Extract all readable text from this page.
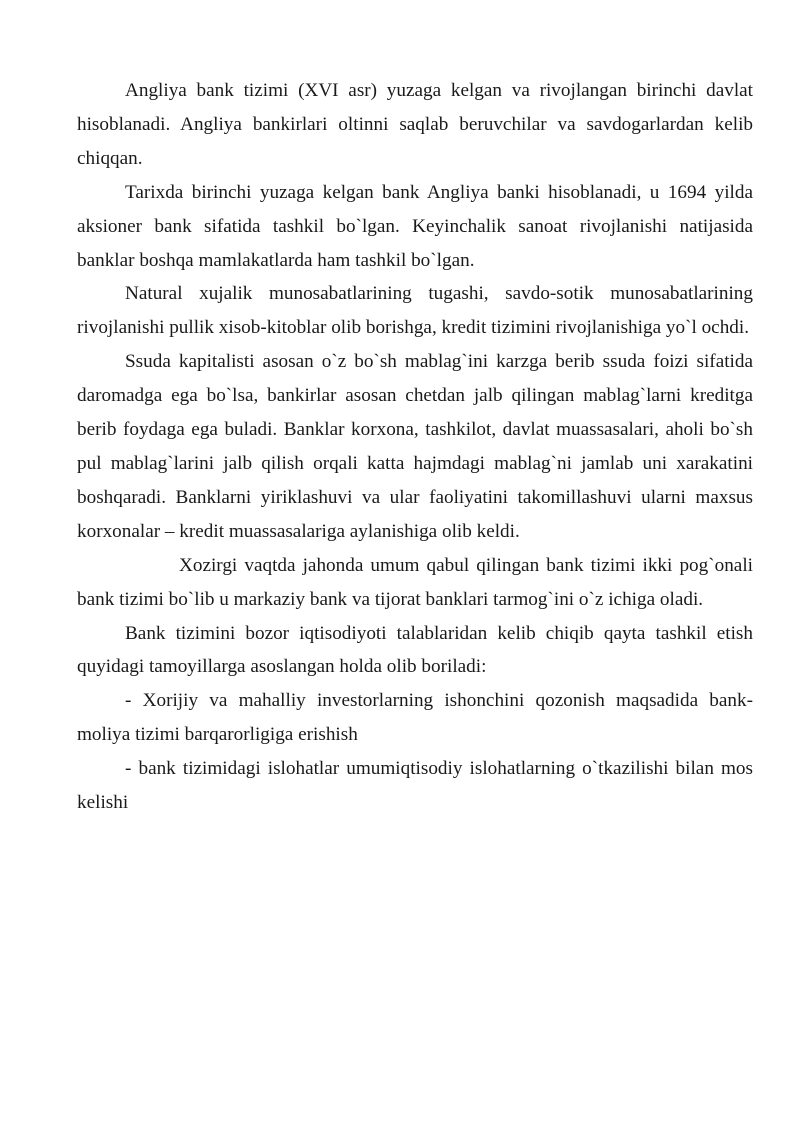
Angliya bank tizimi (XVI asr) yuzaga kelgan va rivojlangan birinchi davlat hisoblanadi. Angliya bankirlari oltinni saqlab beruvchilar va savdogarlardan kelib chiqqan.

Tarixda birinchi yuzaga kelgan bank Angliya banki hisoblanadi, u 1694 yilda aksioner bank sifatida tashkil bo`lgan. Keyinchalik sanoat rivojlanishi natijasida banklar boshqa mamlakatlarda ham tashkil bo`lgan.

Natural xujalik munosabatlarining tugashi, savdo-sotik munosabatlarining rivojlanishi pullik xisob-kitoblar olib borishga, kredit tizimini rivojlanishiga yo`l ochdi.

Ssuda kapitalisti asosan o`z bo`sh mablag`ini karzga berib ssuda foizi sifatida daromadga ega bo`lsa, bankirlar asosan chetdan jalb qilingan mablag`larni kreditga berib foydaga ega buladi. Banklar korxona, tashkilot, davlat muassasalari, aholi bo`sh pul mablag`larini jalb qilish orqali katta hajmdagi mablag`ni jamlab uni xarakatini boshqaradi. Banklarni yiriklashuvi va ular faoliyatini takomillashuvi ularni maxsus korxonalar – kredit muassasalariga aylanishiga olib keldi.

Xozirgi vaqtda jahonda umum qabul qilingan bank tizimi ikki pog`onali bank tizimi bo`lib u markaziy bank va tijorat banklari tarmog`ini o`z ichiga oladi.

Bank tizimini bozor iqtisodiyoti talablaridan kelib chiqib qayta tashkil etish quyidagi tamoyillarga asoslangan holda olib boriladi:

- Xorijiy va mahalliy investorlarning ishonchini qozonish maqsadida bank-moliya tizimi barqarorligiga erishish

- bank tizimidagi islohatlar umumiqtisodiy islohatlarning o`tkazilishi bilan mos kelishi
